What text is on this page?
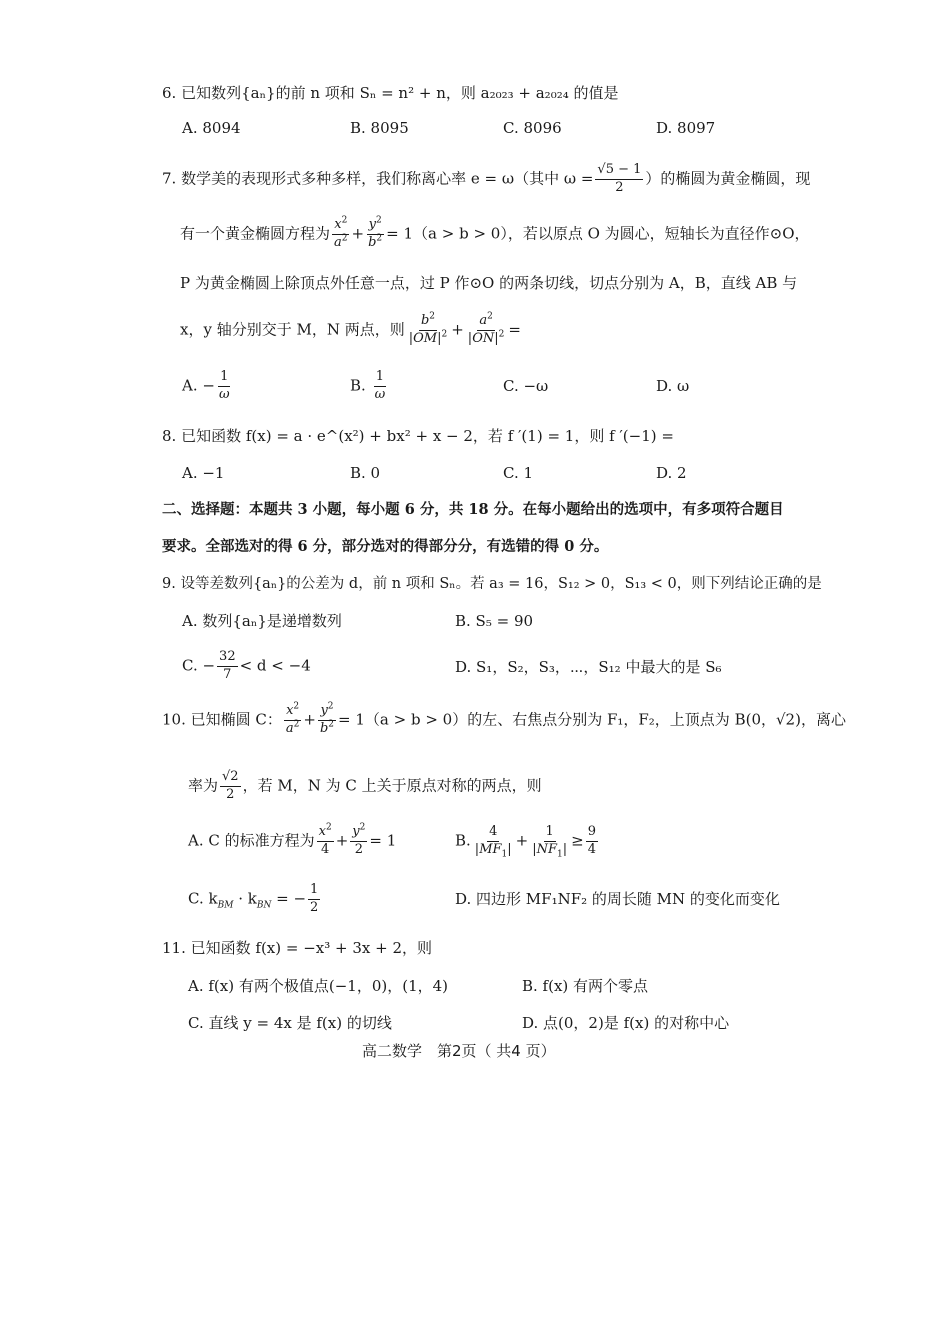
6. 已知数列{aₙ}的前 n 项和 Sₙ = n² + n，则 a₂₀₂₃ + a₂₀₂₄ 的值是
A. 8094	B. 8095	C. 8096	D. 8097
7. 数学美的表现形式多种多样，我们称离心率 e = ω（其中 $\omega = \frac{√5 - 1}{2}$ ）的椭圆为黄金椭圆，现
有一个黄金椭圆方程为 $\frac{x^2}{a^2} + \frac{y^2}{b^2} = 1(a > b > 0)$，若以原点 O 为圆心，短轴长为直径作⊙O，
P 为黄金椭圆上除顶点外任意一点，过 P 作⊙O 的两条切线，切点分别为 A，B，直线 AB 与
x，y 轴分别交于 M，N 两点，则 $\frac{b^2}{|OM|^2} + \frac{a^2}{|ON|^2}$ =
A. − $\frac{1}{\omega}$	B. $\frac{1}{\omega}$	C. −ω	D. ω
8. 已知函数 f(x) = a · e^(x²) + bx² + x − 2，若 f ′(1) = 1，则 f ′(−1) =
A. −1	B. 0	C. 1	D. 2
二、选择题：本题共 3 小题，每小题 6 分，共 18 分。在每小题给出的选项中，有多项符合题目
要求。全部选对的得 6 分，部分选对的得部分分，有选错的得 0 分。
9. 设等差数列{aₙ}的公差为 d，前 n 项和 Sₙ。若 a₃ = 16，S₁₂ > 0，S₁₃ < 0，则下列结论正确的是
A. 数列{aₙ}是递增数列	B. S₅ = 90
C. − $\frac{32}{7} < d < -4$	D. S₁，S₂，S₃，⋯，S₁₂ 中最大的是 S₆
10. 已知椭圆 C： $\frac{x^2}{a^2} + \frac{y^2}{b^2} = 1(a > b > 0)$的左、右焦点分别为 F₁，F₂，上顶点为 B(0，√2)，离心
率为 $\frac{√2}{2}$ ，若 M，N 为 C 上关于原点对称的两点，则
A. C 的标准方程为 $\frac{x^2}{4} + \frac{y^2}{2} = 1$	B. $\frac{4}{|MF_1|} + \frac{1}{|NF_1|} \ge \frac{9}{4}$
C. $k_{BM} \cdot k_{BN}$ = − $\frac{1}{2}$	D. 四边形 MF₁NF₂ 的周长随 MN 的变化而变化
11. 已知函数 f(x) = −x³ + 3x + 2，则
A. f(x) 有两个极值点(−1，0)，(1，4)	B. f(x) 有两个零点
C. 直线 y = 4x 是 f(x) 的切线	D. 点(0，2)是 f(x) 的对称中心
高二数学　第2页（ 共4 页）
